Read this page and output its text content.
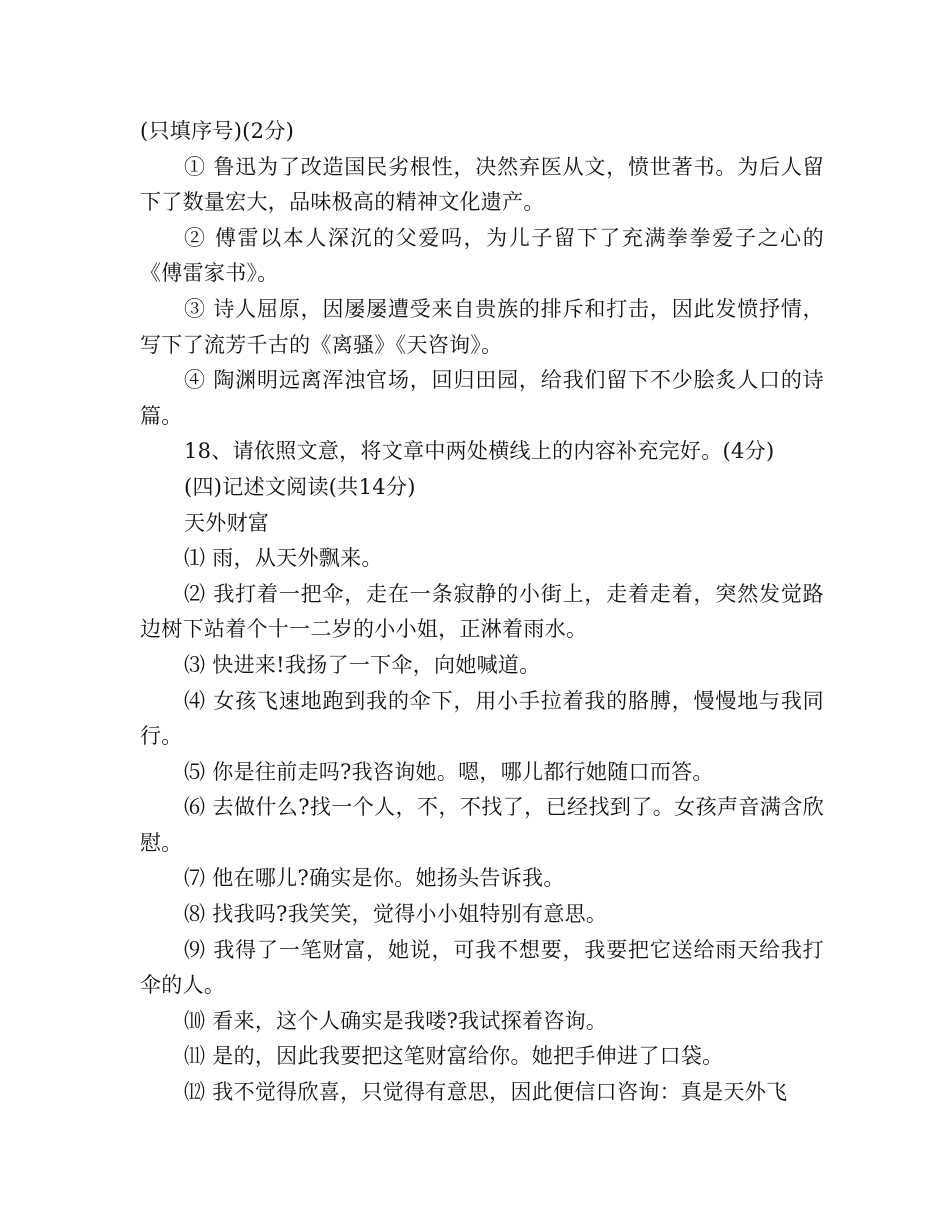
(只填序号)(2分)

① 鲁迅为了改造国民劣根性，决然弃医从文，愤世著书。为后人留下了数量宏大，品味极高的精神文化遗产。

② 傅雷以本人深沉的父爱吗，为儿子留下了充满拳拳爱子之心的《傅雷家书》。

③ 诗人屈原，因屡屡遭受来自贵族的排斥和打击，因此发愤抒情，写下了流芳千古的《离骚》《天咨询》。

④ 陶渊明远离浑浊官场，回归田园，给我们留下不少脍炙人口的诗篇。

18、请依照文意，将文章中两处横线上的内容补充完好。(4分)

(四)记述文阅读(共14分)

天外财富

⑴ 雨，从天外飘来。

⑵ 我打着一把伞，走在一条寂静的小街上，走着走着，突然发觉路边树下站着个十一二岁的小小姐，正淋着雨水。

⑶ 快进来!我扬了一下伞，向她喊道。

⑷ 女孩飞速地跑到我的伞下，用小手拉着我的胳膊，慢慢地与我同行。

⑸ 你是往前走吗?我咨询她。嗯，哪儿都行她随口而答。

⑹ 去做什么?找一个人，不，不找了，已经找到了。女孩声音满含欣慰。

⑺ 他在哪儿?确实是你。她扬头告诉我。

⑻ 找我吗?我笑笑，觉得小小姐特别有意思。

⑼ 我得了一笔财富，她说，可我不想要，我要把它送给雨天给我打伞的人。

⑽ 看来，这个人确实是我喽?我试探着咨询。

⑾ 是的，因此我要把这笔财富给你。她把手伸进了口袋。

⑿ 我不觉得欣喜，只觉得有意思，因此便信口咨询：真是天外飞
